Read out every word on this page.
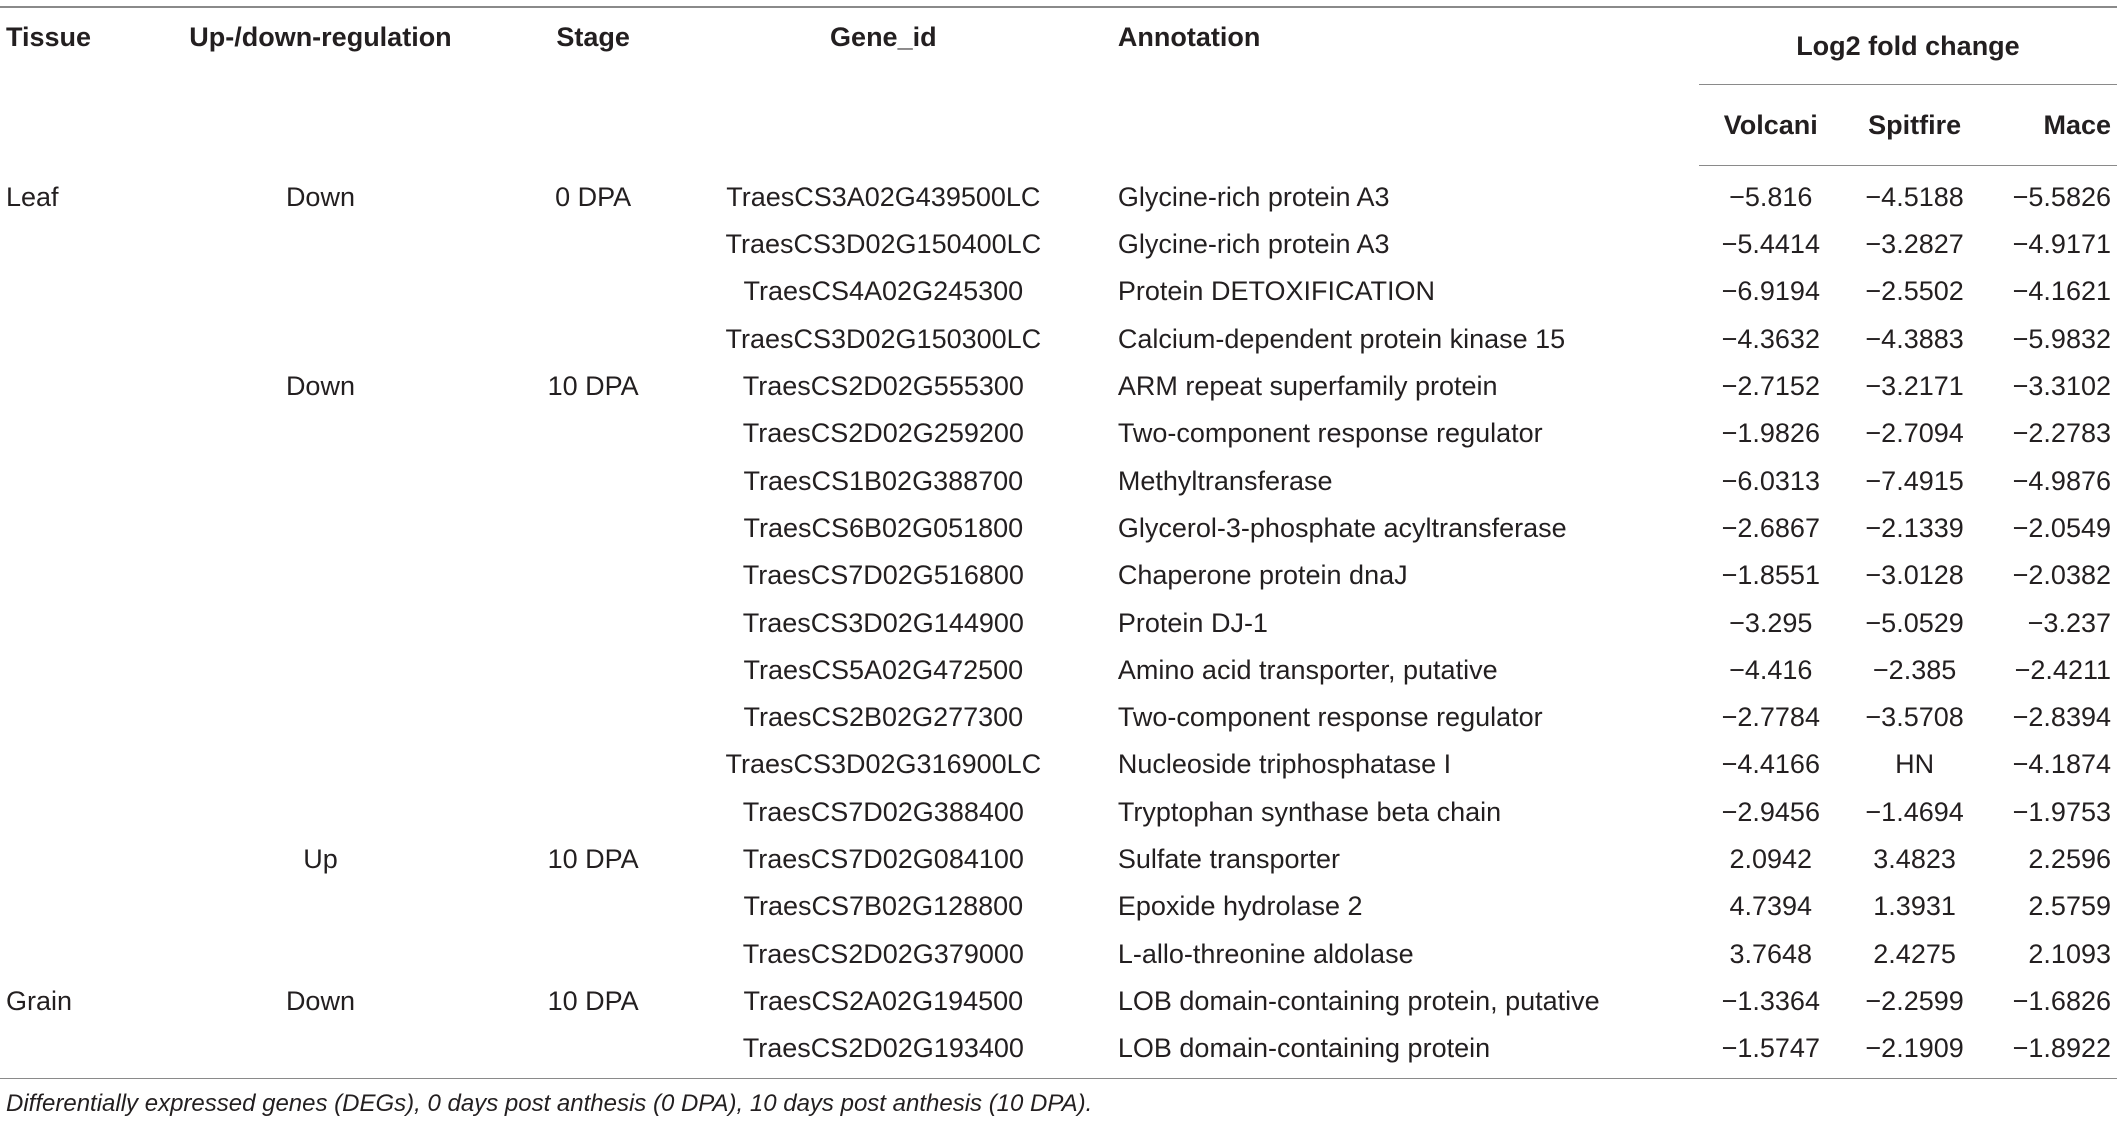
Tissue	Up-/down-regulation	Stage	Gene_id	Annotation	Log2 fold change		
					Volcani	Spitfire	Mace
Leaf	Down	0 DPA	TraesCS3A02G439500LC	Glycine-rich protein A3	−5.816	−4.5188	−5.5826
			TraesCS3D02G150400LC	Glycine-rich protein A3	−5.4414	−3.2827	−4.9171
			TraesCS4A02G245300	Protein DETOXIFICATION	−6.9194	−2.5502	−4.1621
			TraesCS3D02G150300LC	Calcium-dependent protein kinase 15	−4.3632	−4.3883	−5.9832
	Down	10 DPA	TraesCS2D02G555300	ARM repeat superfamily protein	−2.7152	−3.2171	−3.3102
			TraesCS2D02G259200	Two-component response regulator	−1.9826	−2.7094	−2.2783
			TraesCS1B02G388700	Methyltransferase	−6.0313	−7.4915	−4.9876
			TraesCS6B02G051800	Glycerol-3-phosphate acyltransferase	−2.6867	−2.1339	−2.0549
			TraesCS7D02G516800	Chaperone protein dnaJ	−1.8551	−3.0128	−2.0382
			TraesCS3D02G144900	Protein DJ-1	−3.295	−5.0529	−3.237
			TraesCS5A02G472500	Amino acid transporter, putative	−4.416	−2.385	−2.4211
			TraesCS2B02G277300	Two-component response regulator	−2.7784	−3.5708	−2.8394
			TraesCS3D02G316900LC	Nucleoside triphosphatase I	−4.4166	HN	−4.1874
			TraesCS7D02G388400	Tryptophan synthase beta chain	−2.9456	−1.4694	−1.9753
	Up	10 DPA	TraesCS7D02G084100	Sulfate transporter	2.0942	3.4823	2.2596
			TraesCS7B02G128800	Epoxide hydrolase 2	4.7394	1.3931	2.5759
			TraesCS2D02G379000	L-allo-threonine aldolase	3.7648	2.4275	2.1093
Grain	Down	10 DPA	TraesCS2A02G194500	LOB domain-containing protein, putative	−1.3364	−2.2599	−1.6826
			TraesCS2D02G193400	LOB domain-containing protein	−1.5747	−2.1909	−1.8922
Differentially expressed genes (DEGs), 0 days post anthesis (0 DPA), 10 days post anthesis (10 DPA).
